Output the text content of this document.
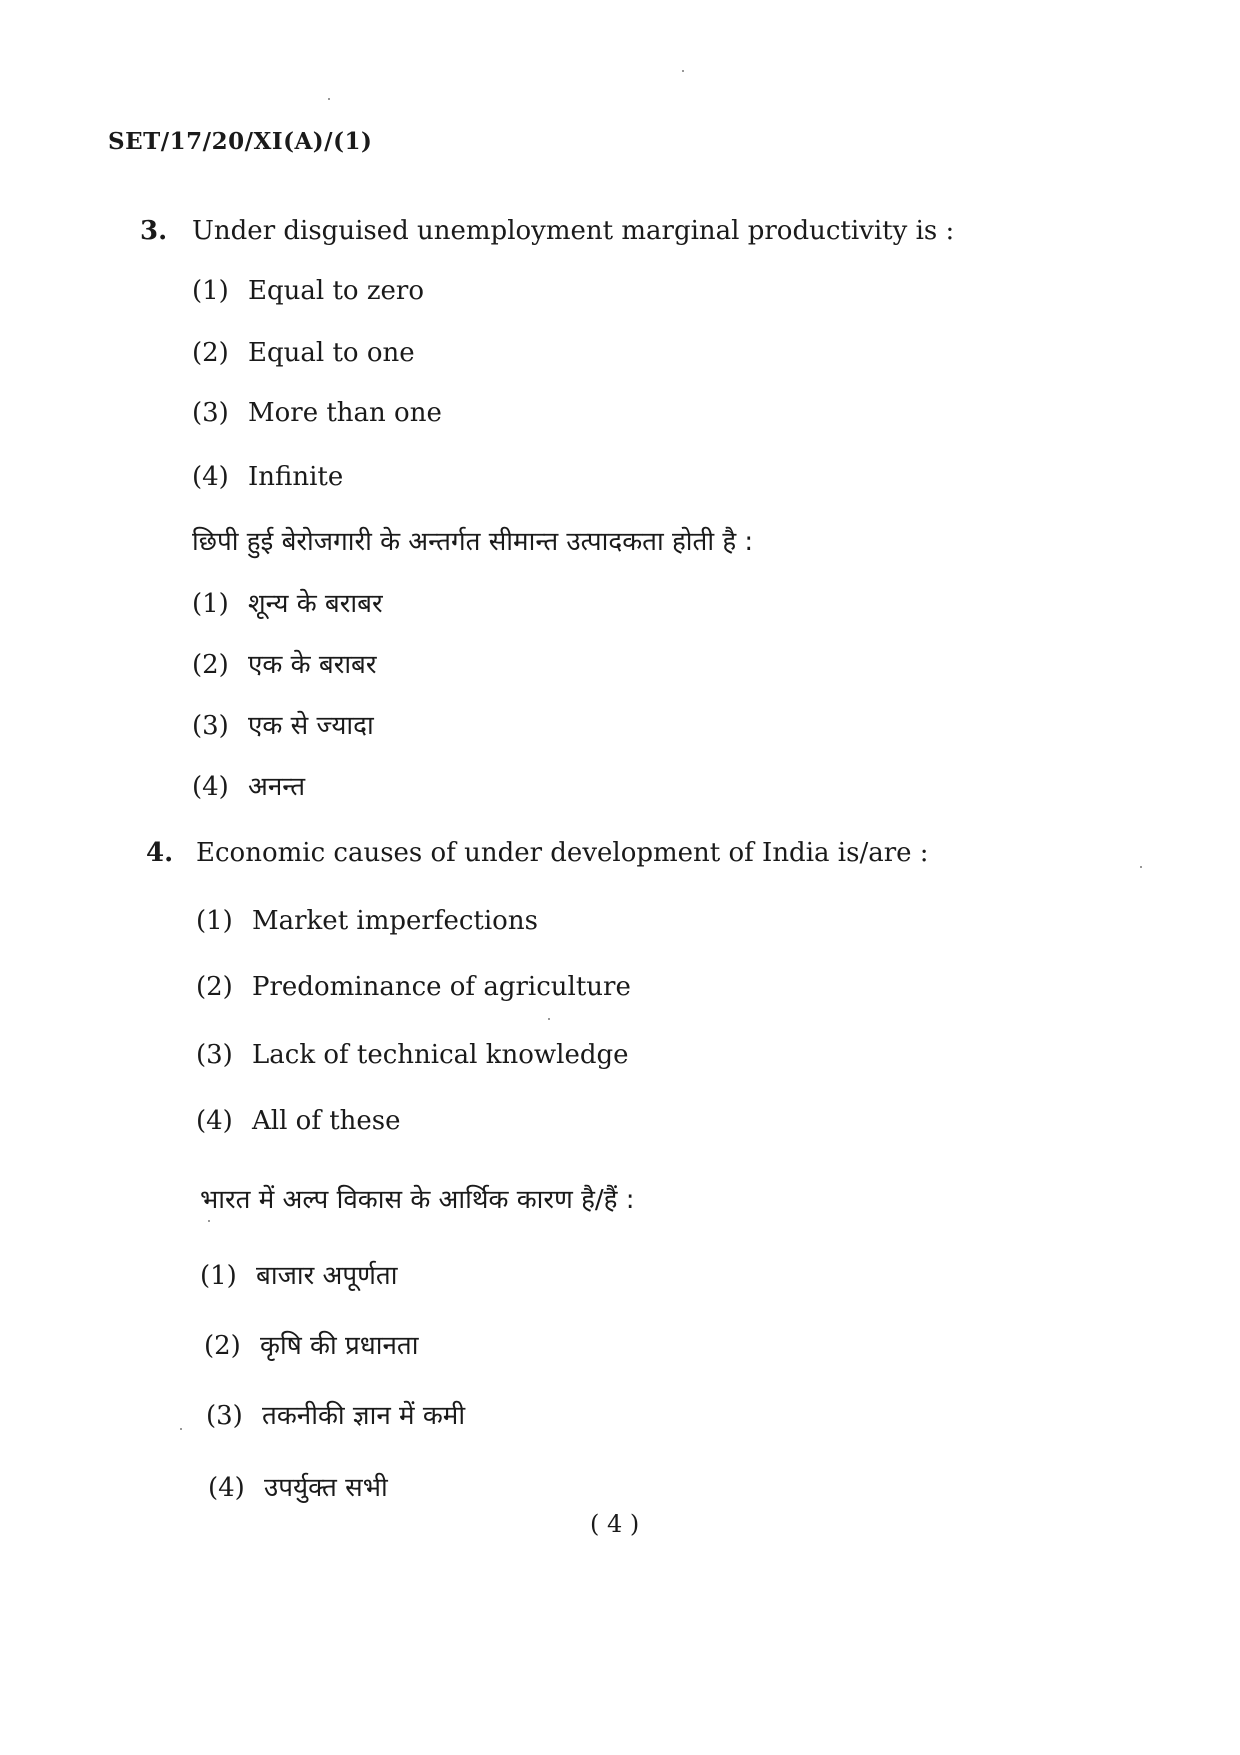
SET/17/20/XI(A)/(1)
3. Under disguised unemployment marginal productivity is :
(1) Equal to zero
(2) Equal to one
(3) More than one
(4) Infinite
छिपी हुई बेरोजगारी के अन्तर्गत सीमान्त उत्पादकता होती है :
(1) शून्य के बराबर
(2) एक के बराबर
(3) एक से ज्यादा
(4) अनन्त
4. Economic causes of under development of India is/are :
(1) Market imperfections
(2) Predominance of agriculture
(3) Lack of technical knowledge
(4) All of these
भारत में अल्प विकास के आर्थिक कारण है/हैं :
(1) बाजार अपूर्णता
(2) कृषि की प्रधानता
(3) तकनीकी ज्ञान में कमी
(4) उपर्युक्त सभी
( 4 )
